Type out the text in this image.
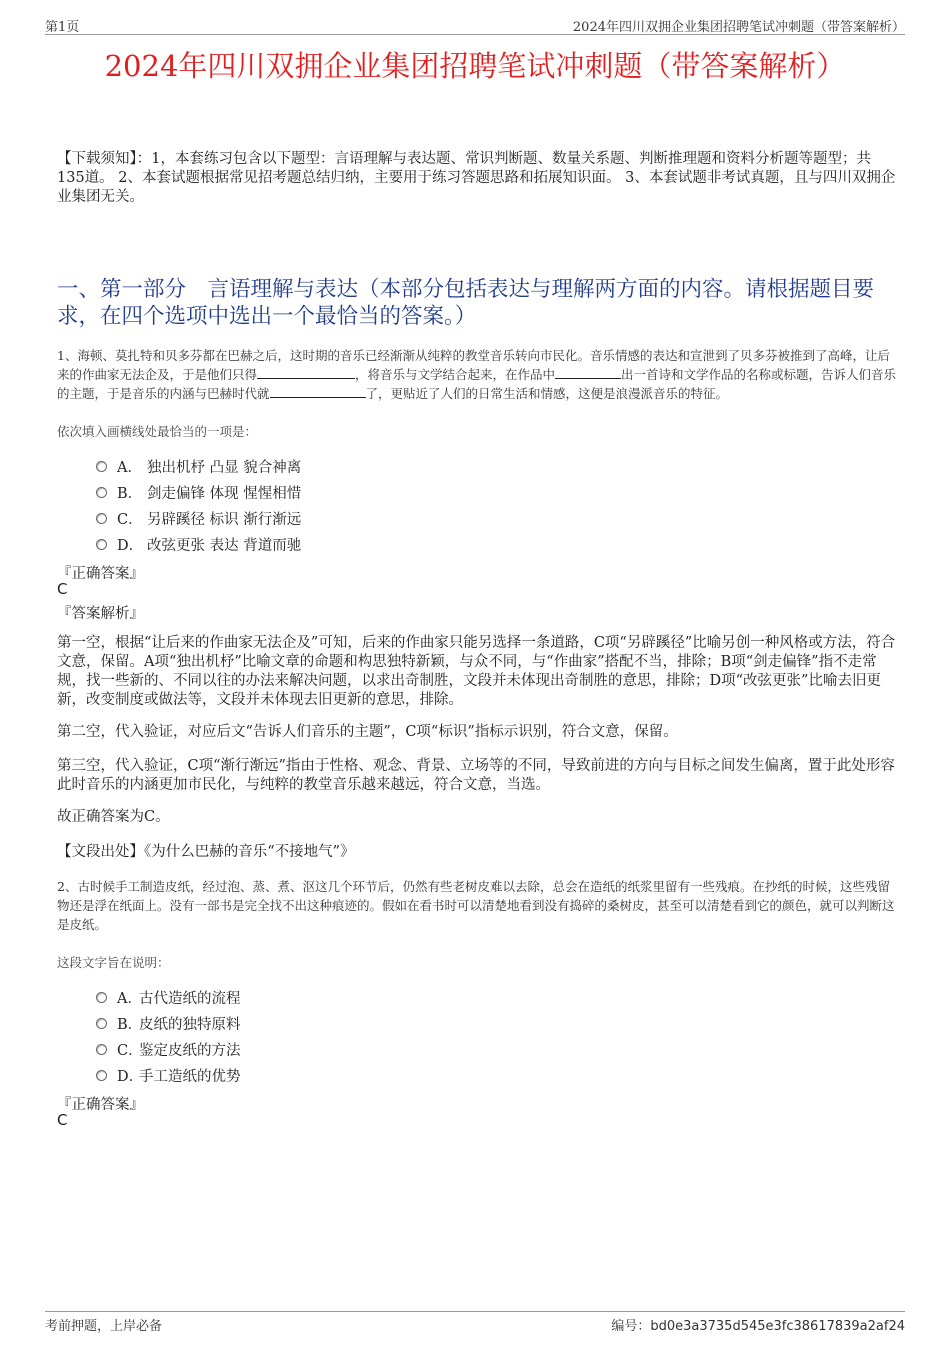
第1页	2024年四川双拥企业集团招聘笔试冲刺题（带答案解析）
2024年四川双拥企业集团招聘笔试冲刺题（带答案解析）
【下载须知】：1，本套练习包含以下题型：言语理解与表达题、常识判断题、数量关系题、判断推理题和资料分析题等题型；共135道。 2、本套试题根据常见招考题总结归纳，主要用于练习答题思路和拓展知识面。 3、本套试题非考试真题，且与四川双拥企业集团无关。
一、第一部分　言语理解与表达（本部分包括表达与理解两方面的内容。请根据题目要求，在四个选项中选出一个最恰当的答案。）
1、海顿、莫扎特和贝多芬都在巴赫之后，这时期的音乐已经渐渐从纯粹的教堂音乐转向市民化。音乐情感的表达和宣泄到了贝多芬被推到了高峰，让后来的作曲家无法企及，于是他们只得	，将音乐与文学结合起来，在作品中	出一首诗和文学作品的名称或标题，告诉人们音乐的主题，于是音乐的内涵与巴赫时代就	了，更贴近了人们的日常生活和情感，这便是浪漫派音乐的特征。
依次填入画横线处最恰当的一项是：
A． 独出机杼 凸显 貌合神离
B． 剑走偏锋 体现 惺惺相惜
C． 另辟蹊径 标识 渐行渐远
D． 改弦更张 表达 背道而驰
『正确答案』
C
『答案解析』
第一空，根据“让后来的作曲家无法企及”可知，后来的作曲家只能另选择一条道路，C项“另辟蹊径”比喻另创一种风格或方法，符合文意，保留。A项“独出机杼”比喻文章的命题和构思独特新颖，与众不同，与“作曲家”搭配不当，排除；B项“剑走偏锋”指不走常规，找一些新的、不同以往的办法来解决问题，以求出奇制胜，文段并未体现出奇制胜的意思，排除；D项“改弦更张”比喻去旧更新，改变制度或做法等，文段并未体现去旧更新的意思，排除。
第二空，代入验证，对应后文“告诉人们音乐的主题”，C项“标识”指标示识别，符合文意，保留。
第三空，代入验证，C项“渐行渐远”指由于性格、观念、背景、立场等的不同，导致前进的方向与目标之间发生偏离，置于此处形容此时音乐的内涵更加市民化，与纯粹的教堂音乐越来越远，符合文意，当选。
故正确答案为C。
【文段出处】《为什么巴赫的音乐“不接地气”》
2、古时候手工制造皮纸，经过泡、蒸、煮、沤这几个环节后，仍然有些老树皮难以去除，总会在造纸的纸浆里留有一些残痕。在抄纸的时候，这些残留物还是浮在纸面上。没有一部书是完全找不出这种痕迹的。假如在看书时可以清楚地看到没有捣碎的桑树皮，甚至可以清楚看到它的颜色，就可以判断这是皮纸。
这段文字旨在说明：
A．
古代造纸的流程
B．
皮纸的独特原料
C．
鉴定皮纸的方法
D．
手工造纸的优势
『正确答案』
C
考前押题，上岸必备	编号：bd0e3a3735d545e3fc38617839a2af24
